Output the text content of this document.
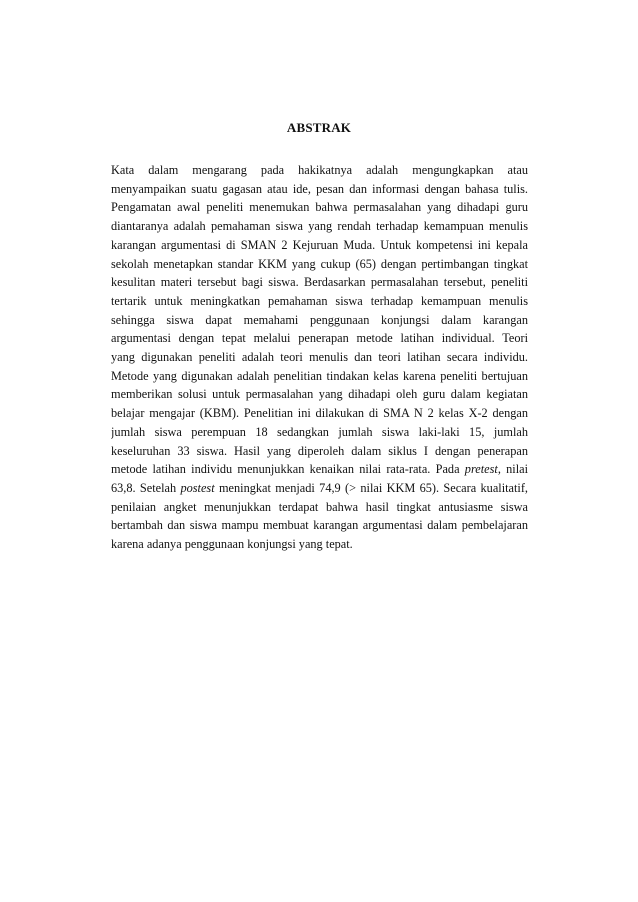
ABSTRAK
Kata dalam mengarang pada hakikatnya adalah mengungkapkan atau
menyampaikan suatu gagasan atau ide, pesan dan informasi dengan bahasa tulis.
Pengamatan awal peneliti menemukan bahwa permasalahan yang dihadapi guru
diantaranya adalah pemahaman siswa yang rendah terhadap kemampuan menulis
karangan argumentasi di SMAN 2 Kejuruan Muda. Untuk kompetensi ini kepala
sekolah menetapkan standar KKM yang cukup (65) dengan pertimbangan tingkat
kesulitan materi tersebut bagi siswa. Berdasarkan permasalahan tersebut, peneliti
tertarik untuk meningkatkan pemahaman siswa terhadap kemampuan menulis
sehingga siswa dapat memahami penggunaan konjungsi dalam karangan
argumentasi dengan tepat melalui penerapan metode latihan individual. Teori
yang digunakan peneliti adalah teori menulis dan teori latihan secara individu.
Metode yang digunakan adalah penelitian tindakan kelas karena peneliti bertujuan
memberikan solusi untuk permasalahan yang dihadapi oleh guru dalam kegiatan
belajar mengajar (KBM). Penelitian ini dilakukan di SMA N 2 kelas X-2 dengan
jumlah siswa perempuan 18 sedangkan jumlah siswa laki-laki 15, jumlah
keseluruhan 33 siswa. Hasil yang diperoleh dalam siklus I dengan penerapan
metode latihan individu menunjukkan kenaikan nilai rata-rata. Pada pretest, nilai
63,8. Setelah postest meningkat menjadi 74,9 (> nilai KKM 65). Secara kualitatif,
penilaian angket menunjukkan terdapat bahwa hasil tingkat antusiasme siswa
bertambah dan siswa mampu membuat karangan argumentasi dalam pembelajaran
karena adanya penggunaan konjungsi yang tepat.
